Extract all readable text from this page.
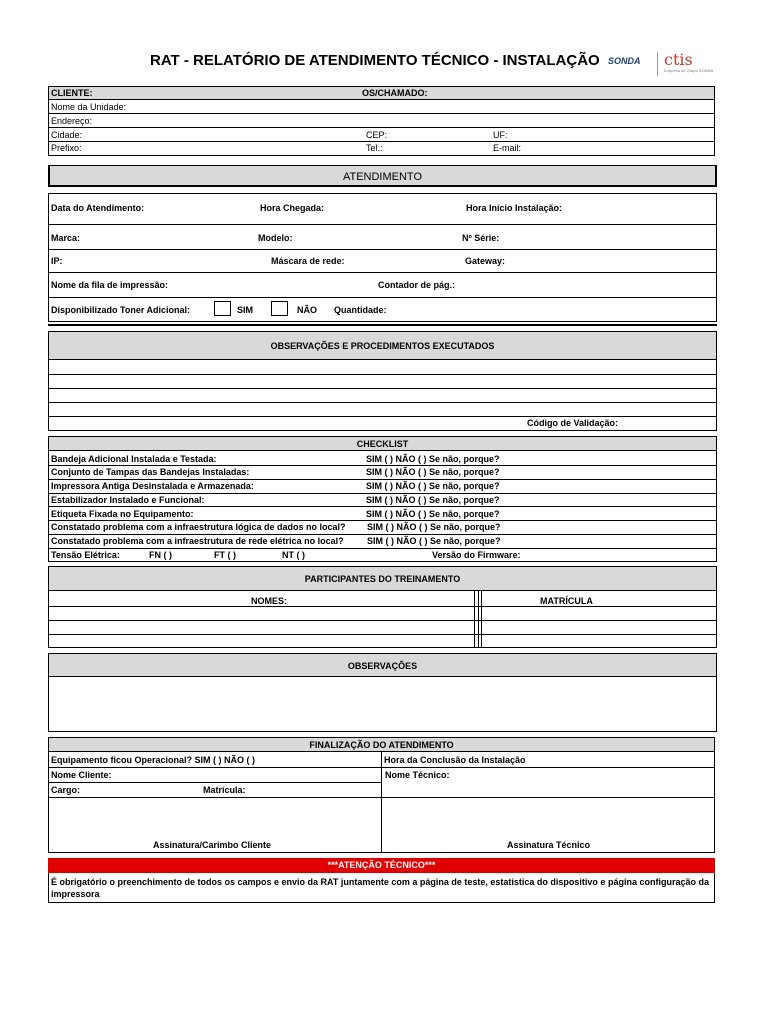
RAT - RELATÓRIO DE ATENDIMENTO TÉCNICO - INSTALAÇÃO SONDA ctis
Empresa do Grupo SONDA
CLIENTE:	OS/CHAMADO:
Nome da Unidade:
Endereço:
Cidade:	CEP:	UF:
Prefixo:	Tel.:	E-mail:
ATENDIMENTO
Data do Atendimento:	Hora Chegada:	Hora Início Instalação:
Marca:	Modelo:	Nº Série:
IP:	Máscara de rede:	Gateway:
Nome da fila de impressão:	Contador de pág.:
Disponibilizado Toner Adicional:	SIM	NÃO Quantidade:
OBSERVAÇÕES E PROCEDIMENTOS EXECUTADOS
Código de Validação:
CHECKLIST
Bandeja Adicional Instalada e Testada:	SIM ( ) NÃO ( ) Se não, porque?
Conjunto de Tampas das Bandejas Instaladas:	SIM ( ) NÃO ( ) Se não, porque?
Impressora Antiga Desinstalada e Armazenada:	SIM ( ) NÃO ( ) Se não, porque?
Estabilizador Instalado e Funcional:	SIM ( ) NÃO ( ) Se não, porque?
Etiqueta Fixada no Equipamento:	SIM ( ) NÃO ( ) Se não, porque?
Constatado problema com a infraestrutura lógica de dados no local? SIM ( ) NÃO ( ) Se não, porque?
Constatado problema com a infraestrutura de rede elétrica no local?	SIM ( ) NÃO ( ) Se não, porque?
Tensão Elétrica:	FN ( )	FT ( )	NT ( )	Versão do Firmware:
PARTICIPANTES DO TREINAMENTO
NOMES:	MATRÍCULA
OBSERVAÇÕES
FINALIZAÇÃO DO ATENDIMENTO
Equipamento ficou Operacional? SIM ( ) NÃO ( )	Hora da Conclusão da Instalação
Nome Cliente:	Nome Técnico:
Cargo:	Matrícula:
Assinatura/Carimbo Cliente	Assinatura Técnico
***ATENÇÃO TÉCNICO***
É obrigatório o preenchimento de todos os campos e envio da RAT juntamente com a página de teste, estatística do dispositivo e página configuração da impressora
